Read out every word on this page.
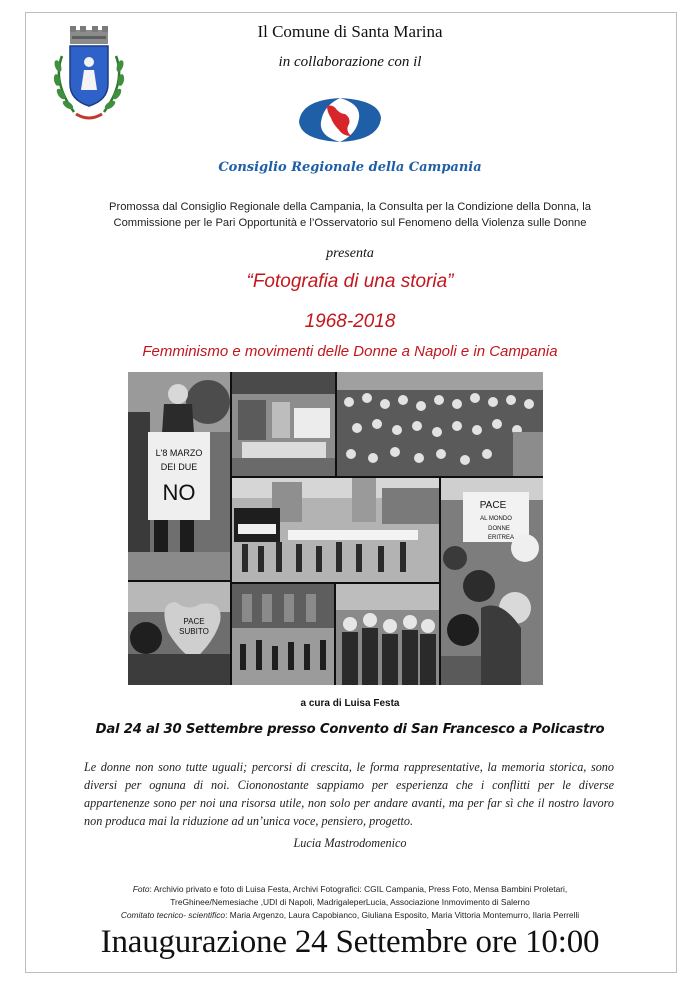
Il Comune di Santa Marina
in collaborazione con il
Consiglio Regionale della Campania
Promossa dal Consiglio Regionale della Campania, la Consulta per la Condizione della Donna, la
Commissione per le Pari Opportunità e l’Osservatorio sul Fenomeno della Violenza sulle Donne
presenta
“Fotografia di una storia”
1968-2018
Femminismo e movimenti delle Donne a Napoli e in Campania
L'8 MARZO
DEI DUE
NO
PACE
AL MONDO
DONNE
ERITREA
PACE
SUBITO
a cura di Luisa Festa
Dal 24 al 30 Settembre presso Convento di San Francesco a Policastro
Le donne non sono tutte uguali; percorsi di crescita, le forma rappresentative, la memoria storica, sono diversi per ognuna di noi. Ciononostante sappiamo per esperienza che i conflitti per le diverse appartenenze sono per noi una risorsa utile, non solo per andare avanti, ma per far sì che il nostro lavoro non produca mai la riduzione ad un’unica voce, pensiero, progetto.
Lucia Mastrodomenico
Foto: Archivio privato e foto di Luisa Festa, Archivi Fotografici: CGIL Campania, Press Foto, Mensa Bambini Proletari,
TreGhinee/Nemesiache ,UDI di Napoli, MadrigaleperLucia, Associazione Inmovimento di Salerno
Comitato tecnico- scientifico: Maria Argenzo, Laura Capobianco, Giuliana Esposito, Maria Vittoria Montemurro, Ilaria Perrelli
Inaugurazione 24 Settembre ore 10:00
